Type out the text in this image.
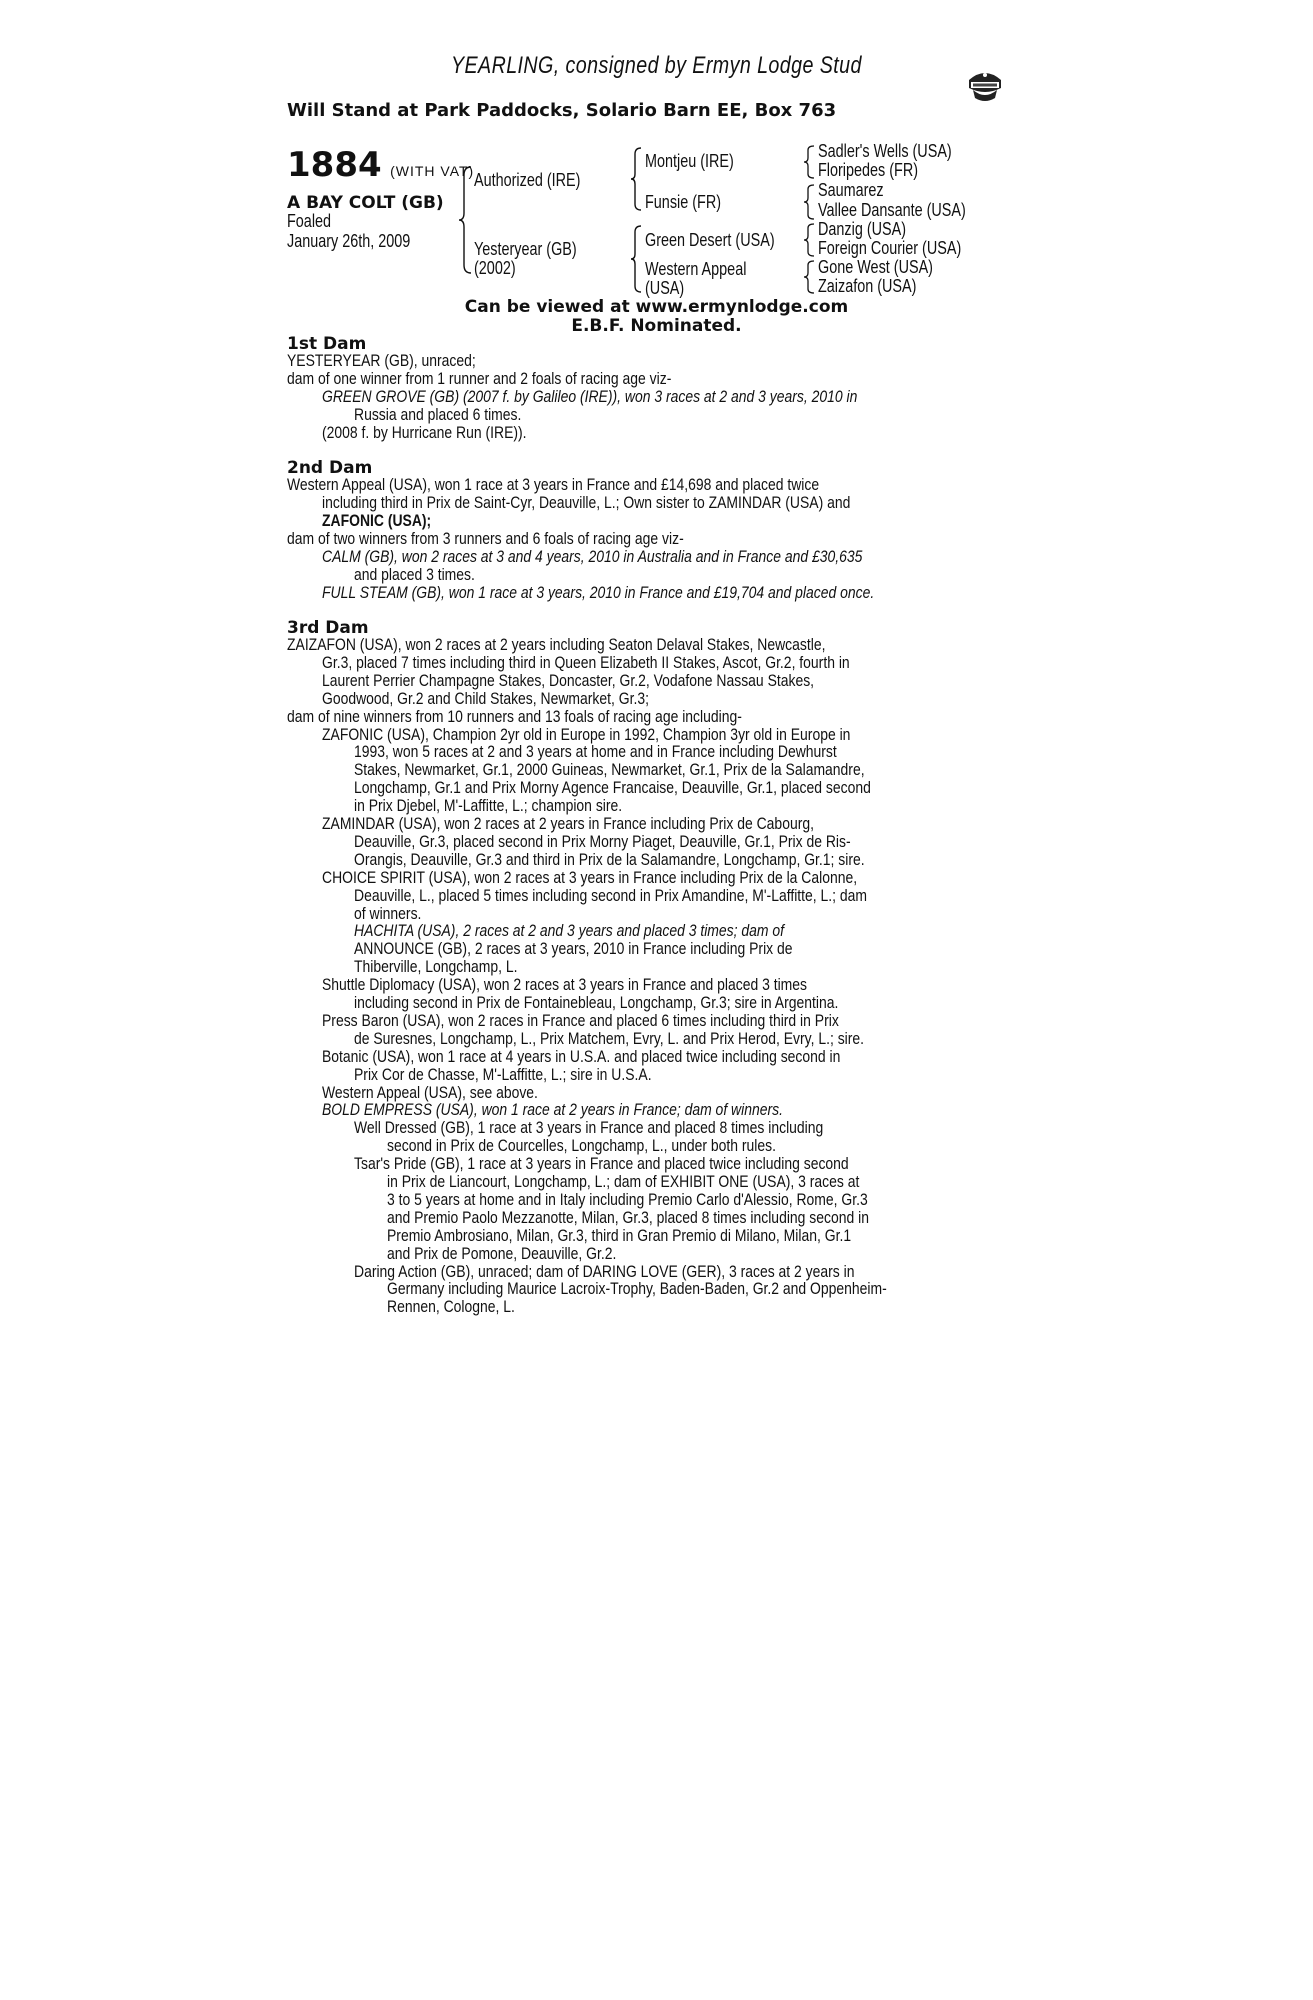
YEARLING, consigned by Ermyn Lodge Stud
Will Stand at Park Paddocks, Solario Barn EE, Box 763
1884 (WITH VAT)
A BAY COLT (GB)
Foaled
January 26th, 2009
Authorized (IRE)
Yesteryear (GB)
(2002)
Montjeu (IRE)
Funsie (FR)
Green Desert (USA)
Western Appeal
(USA)
Sadler's Wells (USA)
Floripedes (FR)
Saumarez
Vallee Dansante (USA)
Danzig (USA)
Foreign Courier (USA)
Gone West (USA)
Zaizafon (USA)
Can be viewed at www.ermynlodge.com
E.B.F. Nominated.
1st Dam
YESTERYEAR (GB), unraced;
dam of one winner from 1 runner and 2 foals of racing age viz-
GREEN GROVE (GB) (2007 f. by Galileo (IRE)), won 3 races at 2 and 3 years, 2010 in
Russia and placed 6 times.
(2008 f. by Hurricane Run (IRE)).
2nd Dam
Western Appeal (USA), won 1 race at 3 years in France and £14,698 and placed twice
including third in Prix de Saint-Cyr, Deauville, L.; Own sister to ZAMINDAR (USA) and
ZAFONIC (USA);
dam of two winners from 3 runners and 6 foals of racing age viz-
CALM (GB), won 2 races at 3 and 4 years, 2010 in Australia and in France and £30,635
and placed 3 times.
FULL STEAM (GB), won 1 race at 3 years, 2010 in France and £19,704 and placed once.
3rd Dam
ZAIZAFON (USA), won 2 races at 2 years including Seaton Delaval Stakes, Newcastle,
Gr.3, placed 7 times including third in Queen Elizabeth II Stakes, Ascot, Gr.2, fourth in
Laurent Perrier Champagne Stakes, Doncaster, Gr.2, Vodafone Nassau Stakes,
Goodwood, Gr.2 and Child Stakes, Newmarket, Gr.3;
dam of nine winners from 10 runners and 13 foals of racing age including-
ZAFONIC (USA), Champion 2yr old in Europe in 1992, Champion 3yr old in Europe in
1993, won 5 races at 2 and 3 years at home and in France including Dewhurst
Stakes, Newmarket, Gr.1, 2000 Guineas, Newmarket, Gr.1, Prix de la Salamandre,
Longchamp, Gr.1 and Prix Morny Agence Francaise, Deauville, Gr.1, placed second
in Prix Djebel, M'-Laffitte, L.; champion sire.
ZAMINDAR (USA), won 2 races at 2 years in France including Prix de Cabourg,
Deauville, Gr.3, placed second in Prix Morny Piaget, Deauville, Gr.1, Prix de Ris-
Orangis, Deauville, Gr.3 and third in Prix de la Salamandre, Longchamp, Gr.1; sire.
CHOICE SPIRIT (USA), won 2 races at 3 years in France including Prix de la Calonne,
Deauville, L., placed 5 times including second in Prix Amandine, M'-Laffitte, L.; dam
of winners.
HACHITA (USA), 2 races at 2 and 3 years and placed 3 times; dam of
ANNOUNCE (GB), 2 races at 3 years, 2010 in France including Prix de
Thiberville, Longchamp, L.
Shuttle Diplomacy (USA), won 2 races at 3 years in France and placed 3 times
including second in Prix de Fontainebleau, Longchamp, Gr.3; sire in Argentina.
Press Baron (USA), won 2 races in France and placed 6 times including third in Prix
de Suresnes, Longchamp, L., Prix Matchem, Evry, L. and Prix Herod, Evry, L.; sire.
Botanic (USA), won 1 race at 4 years in U.S.A. and placed twice including second in
Prix Cor de Chasse, M'-Laffitte, L.; sire in U.S.A.
Western Appeal (USA), see above.
BOLD EMPRESS (USA), won 1 race at 2 years in France; dam of winners.
Well Dressed (GB), 1 race at 3 years in France and placed 8 times including
second in Prix de Courcelles, Longchamp, L., under both rules.
Tsar's Pride (GB), 1 race at 3 years in France and placed twice including second
in Prix de Liancourt, Longchamp, L.; dam of EXHIBIT ONE (USA), 3 races at
3 to 5 years at home and in Italy including Premio Carlo d'Alessio, Rome, Gr.3
and Premio Paolo Mezzanotte, Milan, Gr.3, placed 8 times including second in
Premio Ambrosiano, Milan, Gr.3, third in Gran Premio di Milano, Milan, Gr.1
and Prix de Pomone, Deauville, Gr.2.
Daring Action (GB), unraced; dam of DARING LOVE (GER), 3 races at 2 years in
Germany including Maurice Lacroix-Trophy, Baden-Baden, Gr.2 and Oppenheim-
Rennen, Cologne, L.
